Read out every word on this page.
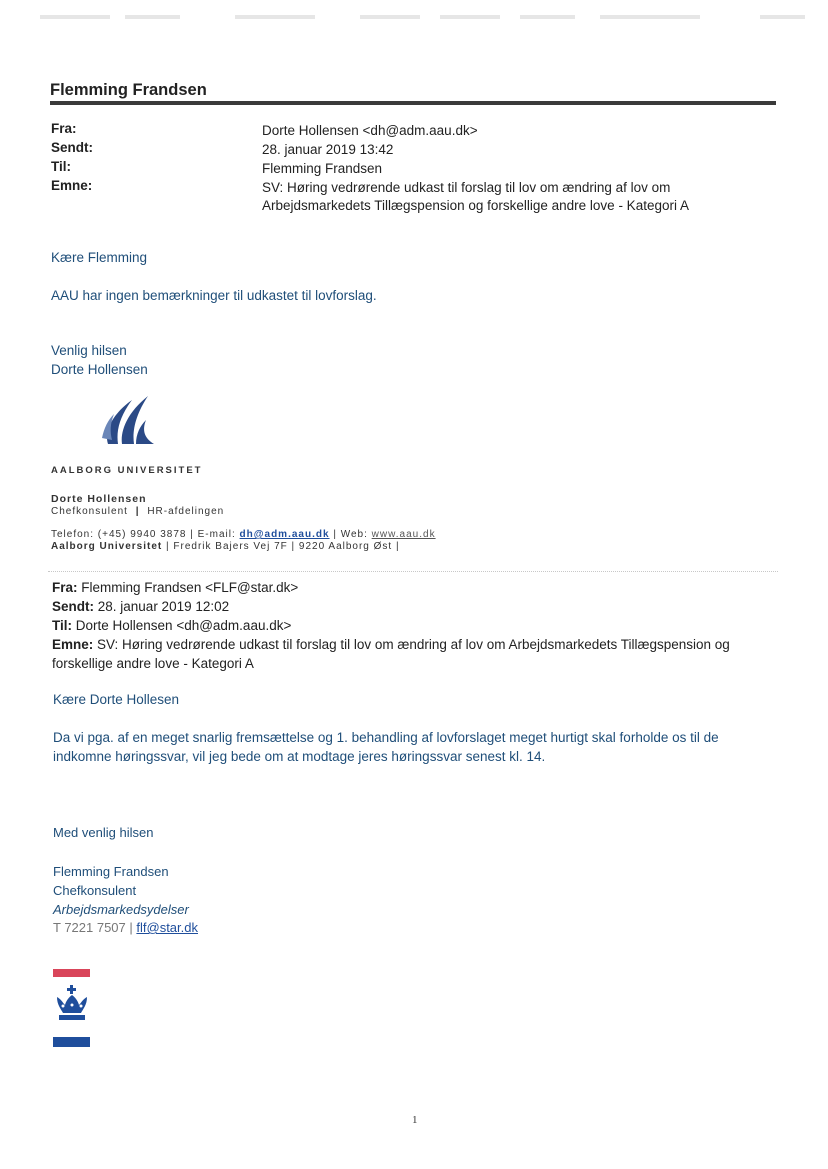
Flemming Frandsen
Fra:	Dorte Hollensen <dh@adm.aau.dk>
Sendt:	28. januar 2019 13:42
Til:	Flemming Frandsen
Emne:	SV: Høring vedrørende udkast til forslag til lov om ændring af lov om
Arbejdsmarkedets Tillægspension og forskellige andre love - Kategori A
Kære Flemming
AAU har ingen bemærkninger til udkastet til lovforslag.
Venlig hilsen
Dorte Hollensen
AALBORG UNIVERSITET
Dorte Hollensen
Chefkonsulent | HR-afdelingen
Telefon: (+45) 9940 3878 | E-mail: dh@adm.aau.dk | Web: www.aau.dk
Aalborg Universitet | Fredrik Bajers Vej 7F | 9220 Aalborg Øst |
Fra: Flemming Frandsen <FLF@star.dk>
Sendt: 28. januar 2019 12:02
Til: Dorte Hollensen <dh@adm.aau.dk>
Emne: SV: Høring vedrørende udkast til forslag til lov om ændring af lov om Arbejdsmarkedets Tillægspension og
forskellige andre love - Kategori A
Kære Dorte Hollesen
Da vi pga. af en meget snarlig fremsættelse og 1. behandling af lovforslaget meget hurtigt skal forholde os til de
indkomne høringssvar, vil jeg bede om at modtage jeres høringssvar senest kl. 14.
Med venlig hilsen
Flemming Frandsen
Chefkonsulent
Arbejdsmarkedsydelser
T 7221 7507 | flf@star.dk
1
